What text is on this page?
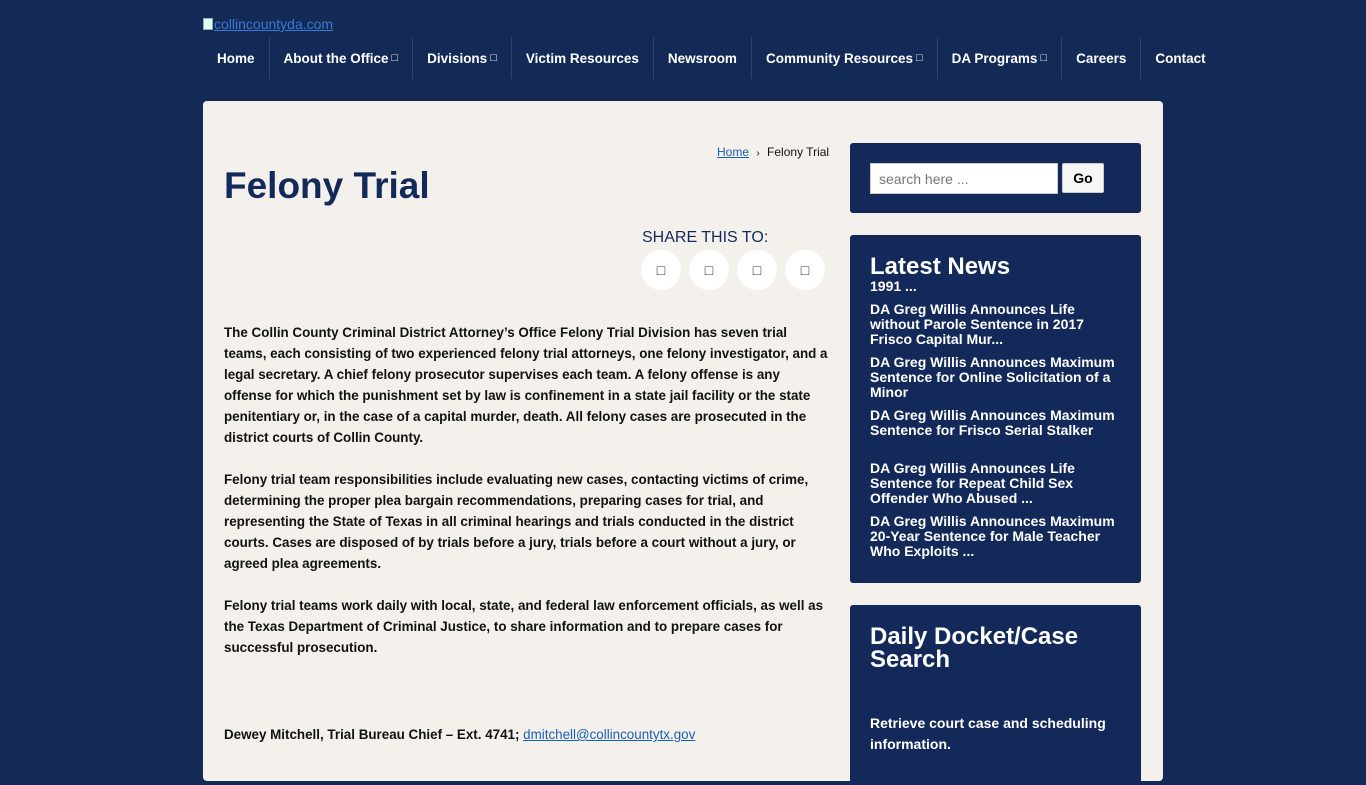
collincountyda.com
Home About the Office □ Divisions □ Victim Resources Newsroom Community Resources □ DA Programs □ Careers Contact
Home › Felony Trial
Felony Trial
SHARE THIS TO:
□	□	□	□

The Collin County Criminal District Attorney’s Office Felony Trial Division has seven trial teams, each consisting of two experienced felony trial attorneys, one felony investigator, and a legal secretary. A chief felony prosecutor supervises each team. A felony offense is any offense for which the punishment set by law is confinement in a state jail facility or the state penitentiary or, in the case of a capital murder, death. All felony cases are prosecuted in the district courts of Collin County.

Felony trial team responsibilities include evaluating new cases, contacting victims of crime, determining the proper plea bargain recommendations, preparing cases for trial, and representing the State of Texas in all criminal hearings and trials conducted in the district courts. Cases are disposed of by trials before a jury, trials before a court without a jury, or agreed plea agreements.

Felony trial teams work daily with local, state, and federal law enforcement officials, as well as the Texas Department of Criminal Justice, to share information and to prepare cases for successful prosecution.

Dewey Mitchell, Trial Bureau Chief – Ext. 4741; dmitchell@collincountytx.gov
search here ...
Go
Latest News
1991 ...
DA Greg Willis Announces Life without Parole Sentence in 2017 Frisco Capital Mur...
DA Greg Willis Announces Maximum Sentence for Online Solicitation of a Minor
DA Greg Willis Announces Maximum Sentence for Frisco Serial Stalker
DA Greg Willis Announces Life Sentence for Repeat Child Sex Offender Who Abused ...
DA Greg Willis Announces Maximum 20-Year Sentence for Male Teacher Who Exploits ...
Daily Docket/Case Search

Retrieve court case and scheduling information.
